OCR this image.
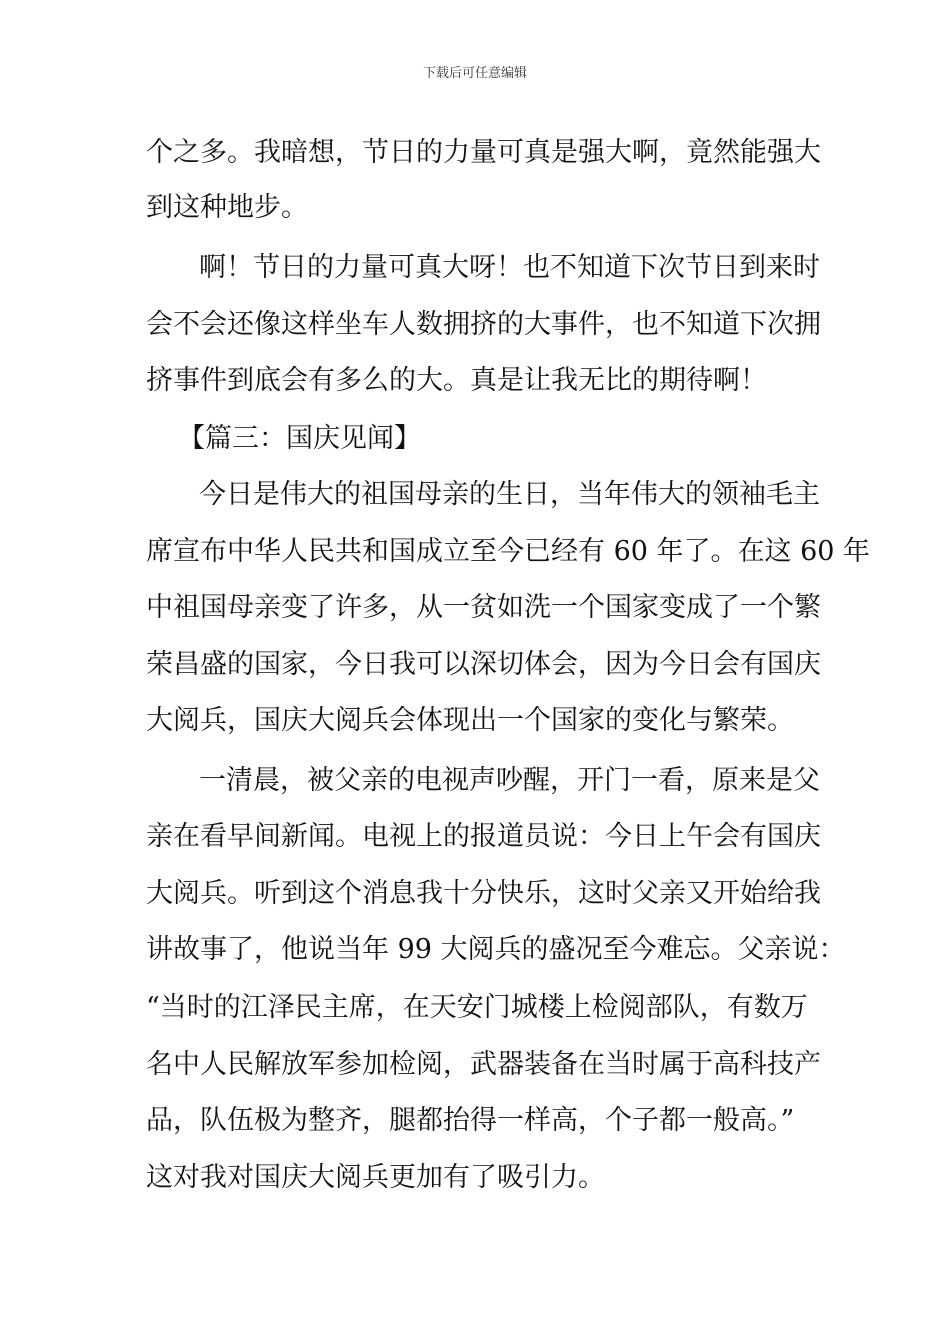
下载后可任意编辑
个之多。我暗想，节日的力量可真是强大啊，竟然能强大
到这种地步。
啊！节日的力量可真大呀！也不知道下次节日到来时
会不会还像这样坐车人数拥挤的大事件，也不知道下次拥
挤事件到底会有多么的大。真是让我无比的期待啊！
【篇三：国庆见闻】
今日是伟大的祖国母亲的生日，当年伟大的领袖毛主
席宣布中华人民共和国成立至今已经有 60 年了。在这 60 年
中祖国母亲变了许多，从一贫如洗一个国家变成了一个繁
荣昌盛的国家，今日我可以深切体会，因为今日会有国庆
大阅兵，国庆大阅兵会体现出一个国家的变化与繁荣。
一清晨，被父亲的电视声吵醒，开门一看，原来是父
亲在看早间新闻。电视上的报道员说：今日上午会有国庆
大阅兵。听到这个消息我十分快乐，这时父亲又开始给我
讲故事了，他说当年 99 大阅兵的盛况至今难忘。父亲说：
“当时的江泽民主席，在天安门城楼上检阅部队，有数万
名中人民解放军参加检阅，武器装备在当时属于高科技产
品，队伍极为整齐，腿都抬得一样高，个子都一般高。”
这对我对国庆大阅兵更加有了吸引力。
